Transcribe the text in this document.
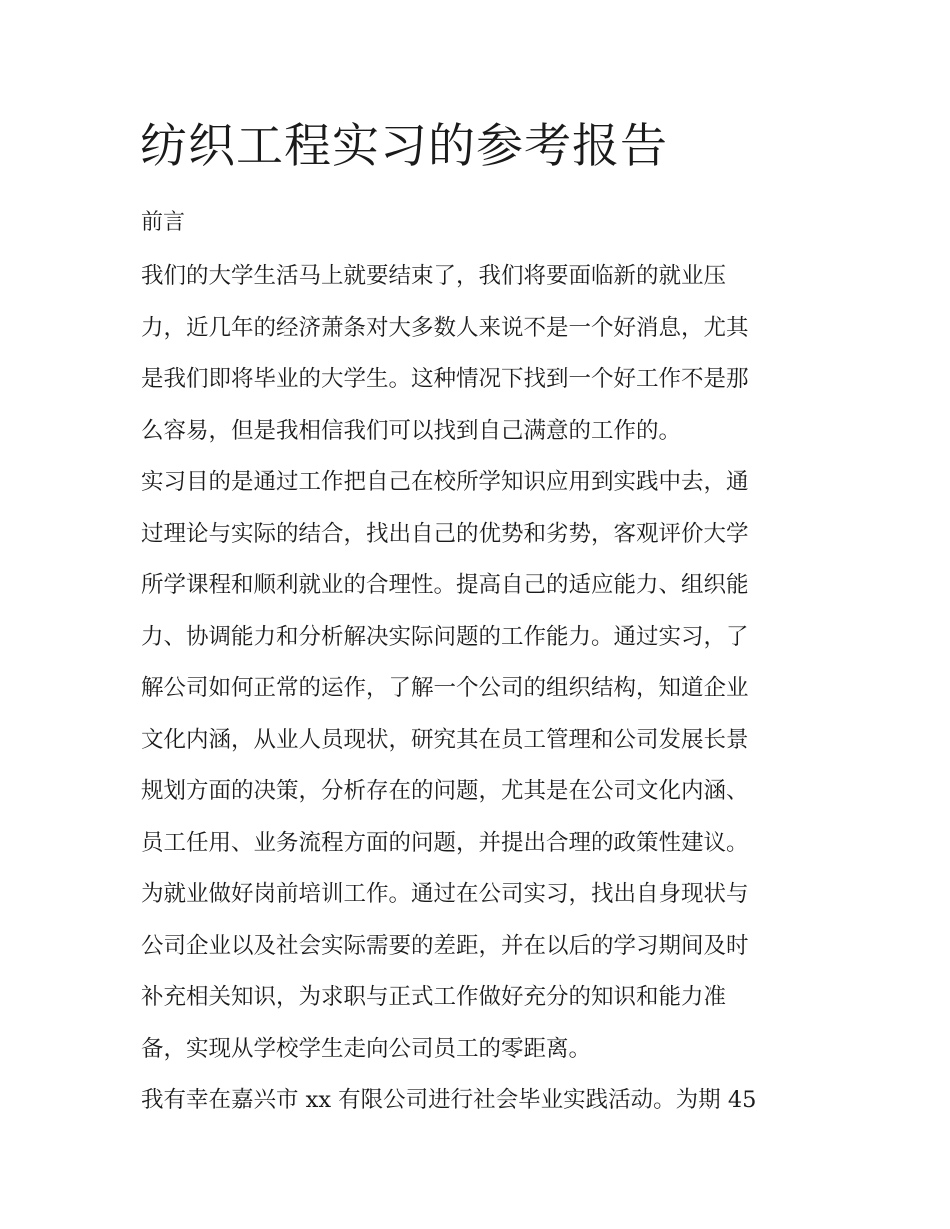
纺织工程实习的参考报告
前言
我们的大学生活马上就要结束了，我们将要面临新的就业压
力，近几年的经济萧条对大多数人来说不是一个好消息，尤其
是我们即将毕业的大学生。这种情况下找到一个好工作不是那
么容易，但是我相信我们可以找到自己满意的工作的。
实习目的是通过工作把自己在校所学知识应用到实践中去，通
过理论与实际的结合，找出自己的优势和劣势，客观评价大学
所学课程和顺利就业的合理性。提高自己的适应能力、组织能
力、协调能力和分析解决实际问题的工作能力。通过实习，了
解公司如何正常的运作，了解一个公司的组织结构，知道企业
文化内涵，从业人员现状，研究其在员工管理和公司发展长景
规划方面的决策，分析存在的问题，尤其是在公司文化内涵、
员工任用、业务流程方面的问题，并提出合理的政策性建议。
为就业做好岗前培训工作。通过在公司实习，找出自身现状与
公司企业以及社会实际需要的差距，并在以后的学习期间及时
补充相关知识，为求职与正式工作做好充分的知识和能力准
备，实现从学校学生走向公司员工的零距离。
我有幸在嘉兴市 xx 有限公司进行社会毕业实践活动。为期 45
